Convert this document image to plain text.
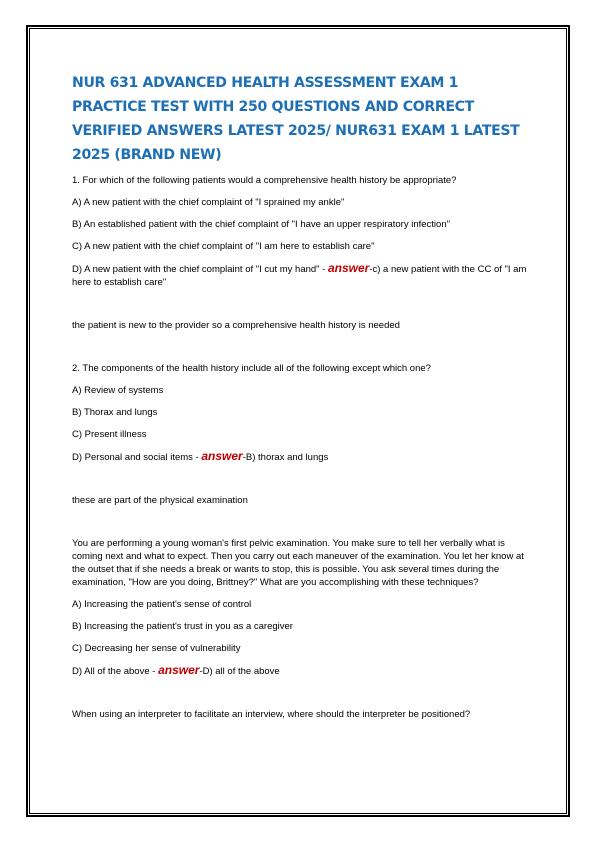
NUR 631 ADVANCED HEALTH ASSESSMENT EXAM 1 PRACTICE TEST WITH 250 QUESTIONS AND CORRECT VERIFIED ANSWERS LATEST 2025/ NUR631 EXAM 1 LATEST 2025 (BRAND NEW)

1. For which of the following patients would a comprehensive health history be appropriate?

A) A new patient with the chief complaint of "I sprained my ankle"

B) An established patient with the chief complaint of "I have an upper respiratory infection"

C) A new patient with the chief complaint of "I am here to establish care"

D) A new patient with the chief complaint of "I cut my hand" - answer-c) a new patient with the CC of "I am here to establish care"

the patient is new to the provider so a comprehensive health history is needed

2. The components of the health history include all of the following except which one?

A) Review of systems

B) Thorax and lungs

C) Present illness

D) Personal and social items - answer-B) thorax and lungs

these are part of the physical examination

You are performing a young woman's first pelvic examination. You make sure to tell her verbally what is coming next and what to expect. Then you carry out each maneuver of the examination. You let her know at the outset that if she needs a break or wants to stop, this is possible. You ask several times during the examination, "How are you doing, Brittney?" What are you accomplishing with these techniques?

A) Increasing the patient's sense of control

B) Increasing the patient's trust in you as a caregiver

C) Decreasing her sense of vulnerability

D) All of the above - answer-D) all of the above

When using an interpreter to facilitate an interview, where should the interpreter be positioned?
